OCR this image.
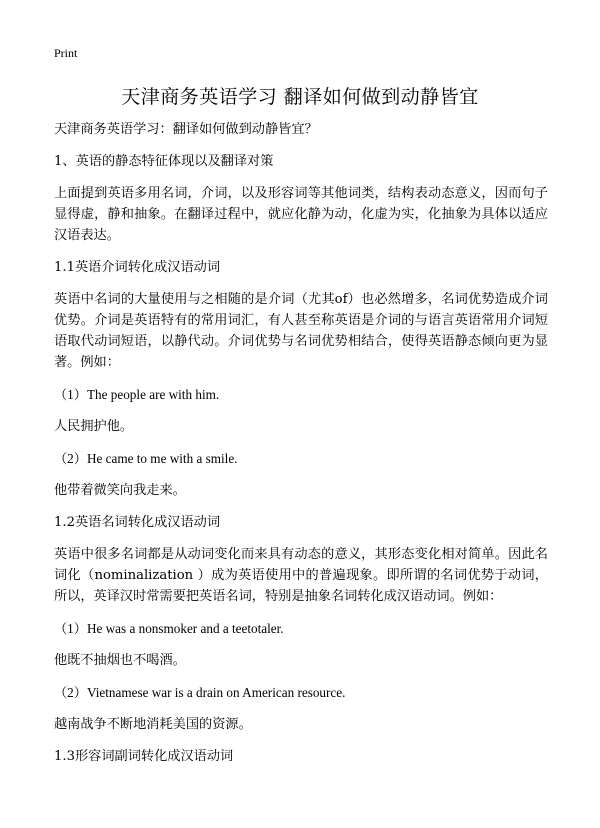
Print
天津商务英语学习 翻译如何做到动静皆宜

天津商务英语学习：翻译如何做到动静皆宜？

1、英语的静态特征体现以及翻译对策

上面提到英语多用名词，介词，以及形容词等其他词类，结构表动态意义，因而句子显得虚，静和抽象。在翻译过程中，就应化静为动，化虚为实，化抽象为具体以适应汉语表达。

1.1英语介词转化成汉语动词

英语中名词的大量使用与之相随的是介词（尤其of）也必然增多，名词优势造成介词优势。介词是英语特有的常用词汇，有人甚至称英语是介词的与语言英语常用介词短语取代动词短语，以静代动。介词优势与名词优势相结合，使得英语静态倾向更为显著。例如：

（1）The people are with him.

人民拥护他。

（2）He came to me with a smile.

他带着微笑向我走来。

1.2英语名词转化成汉语动词

英语中很多名词都是从动词变化而来具有动态的意义，其形态变化相对简单。因此名词化（nominalization ）成为英语使用中的普遍现象。即所谓的名词优势于动词，所以，英译汉时常需要把英语名词，特别是抽象名词转化成汉语动词。例如：

（1）He was a nonsmoker and a teetotaler.

他既不抽烟也不喝酒。

（2）Vietnamese war is a drain on American resource.

越南战争不断地消耗美国的资源。

1.3形容词副词转化成汉语动词
